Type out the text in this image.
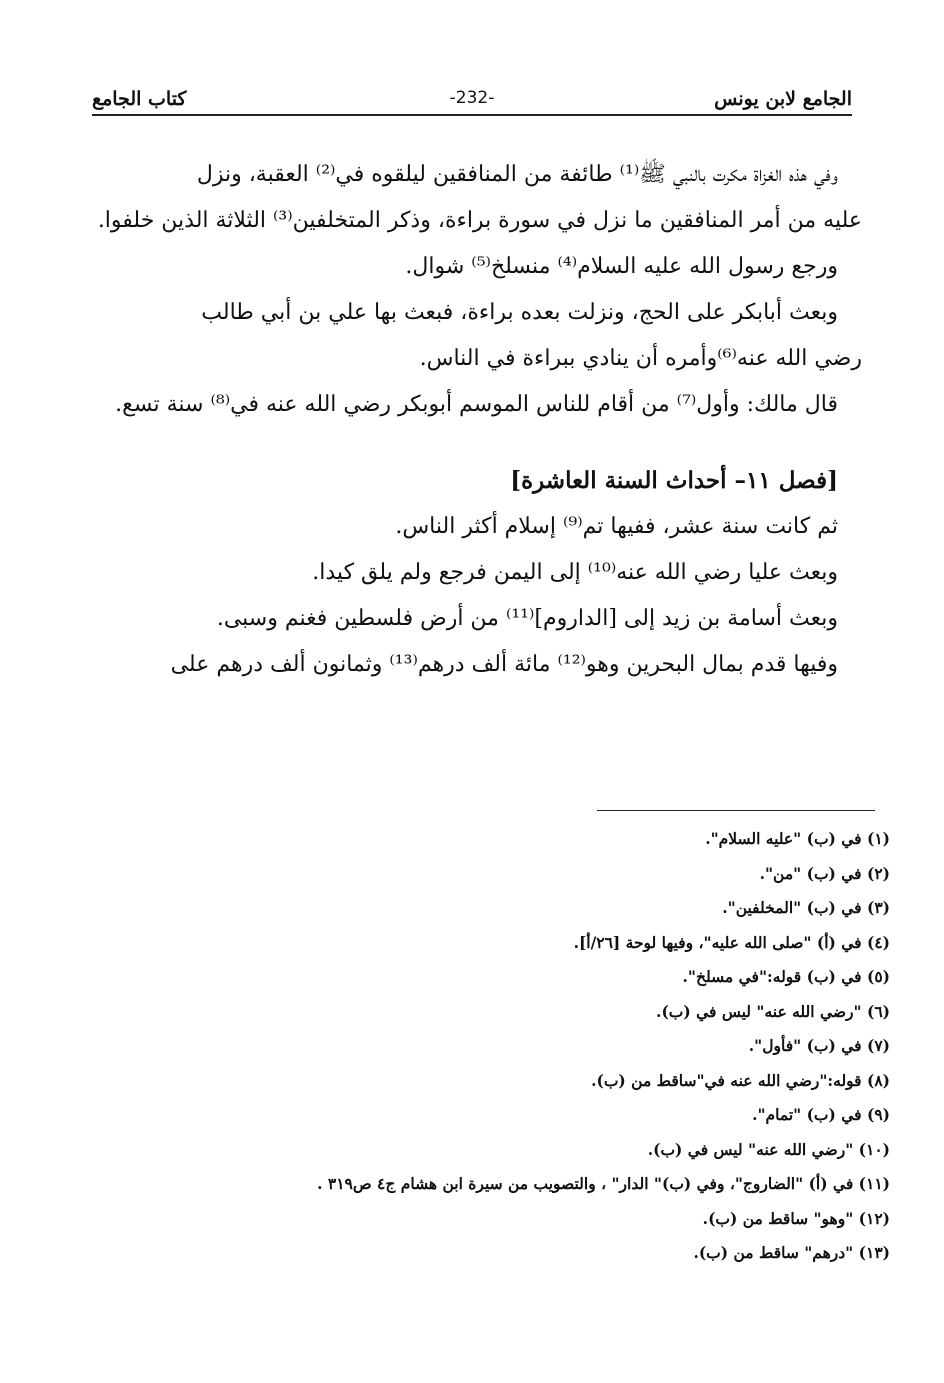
الجامع لابن يونس
-232-
كتاب الجامع

وفي هذه الغزاة مكرت بالنبي ﷺ⁽¹⁾ طائفة من المنافقين ليلقوه في⁽²⁾ العقبة، ونزل

عليه من أمر المنافقين ما نزل في سورة براءة، وذكر المتخلفين⁽³⁾ الثلاثة الذين خلفوا.

ورجع رسول الله عليه السلام⁽⁴⁾ منسلخ⁽⁵⁾ شوال.

وبعث أبابكر على الحج، ونزلت بعده براءة، فبعث بها علي بن أبي طالب

رضي الله عنه⁽⁶⁾وأمره أن ينادي ببراءة في الناس.

قال مالك: وأول⁽⁷⁾ من أقام للناس الموسم أبوبكر رضي الله عنه في⁽⁸⁾ سنة تسع.

[فصل ١١– أحداث السنة العاشرة]

ثم كانت سنة عشر، ففيها تم⁽⁹⁾ إسلام أكثر الناس.

وبعث عليا رضي الله عنه⁽¹⁰⁾ إلى اليمن فرجع ولم يلق كيدا.

وبعث أسامة بن زيد إلى [الداروم]⁽¹¹⁾ من أرض فلسطين فغنم وسبى.

وفيها قدم بمال البحرين وهو⁽¹²⁾ مائة ألف درهم⁽¹³⁾ وثمانون ألف درهم على

(١) في (ب) "عليه السلام".
(٢) في (ب) "من".
(٣) في (ب) "المخلفين".
(٤) في (أ) "صلى الله عليه"، وفيها لوحة [٢٦/أ].
(٥) في (ب) قوله:"في مسلخ".
(٦) "رضي الله عنه" ليس في (ب).
(٧) في (ب) "فأول".
(٨) قوله:"رضي الله عنه في"ساقط من (ب).
(٩) في (ب) "تمام".
(١٠) "رضي الله عنه" ليس في (ب).
(١١) في (أ) "الضاروج"، وفي (ب)" الدار" ، والتصويب من سيرة ابن هشام ج٤ ص٣١٩ .
(١٢) "وهو" ساقط من (ب).
(١٣) "درهم" ساقط من (ب).
